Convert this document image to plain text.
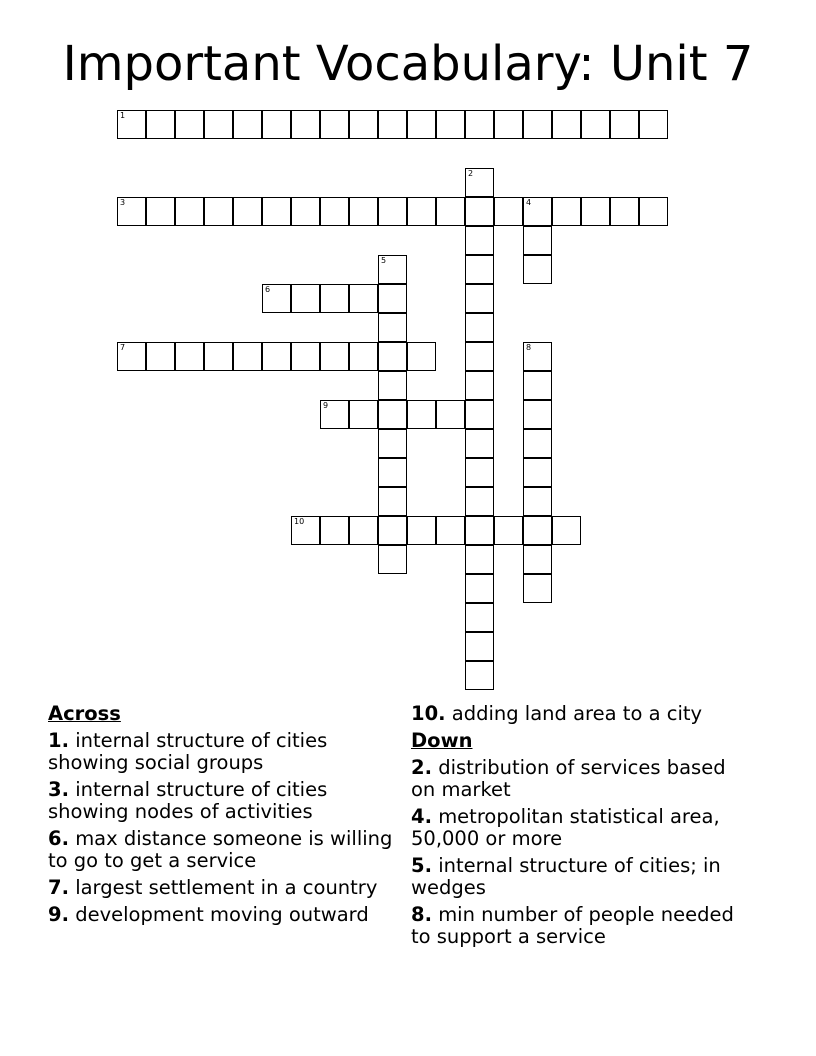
Important Vocabulary: Unit 7
1
2
3	4
5
6
7	8
9
10
Across
1. internal structure of cities showing social groups
3. internal structure of cities showing nodes of activities
6. max distance someone is willing to go to get a service
7. largest settlement in a country
9. development moving outward
10. adding land area to a city
Down
2. distribution of services based on market
4. metropolitan statistical area, 50,000 or more
5. internal structure of cities; in wedges
8. min number of people needed to support a service
